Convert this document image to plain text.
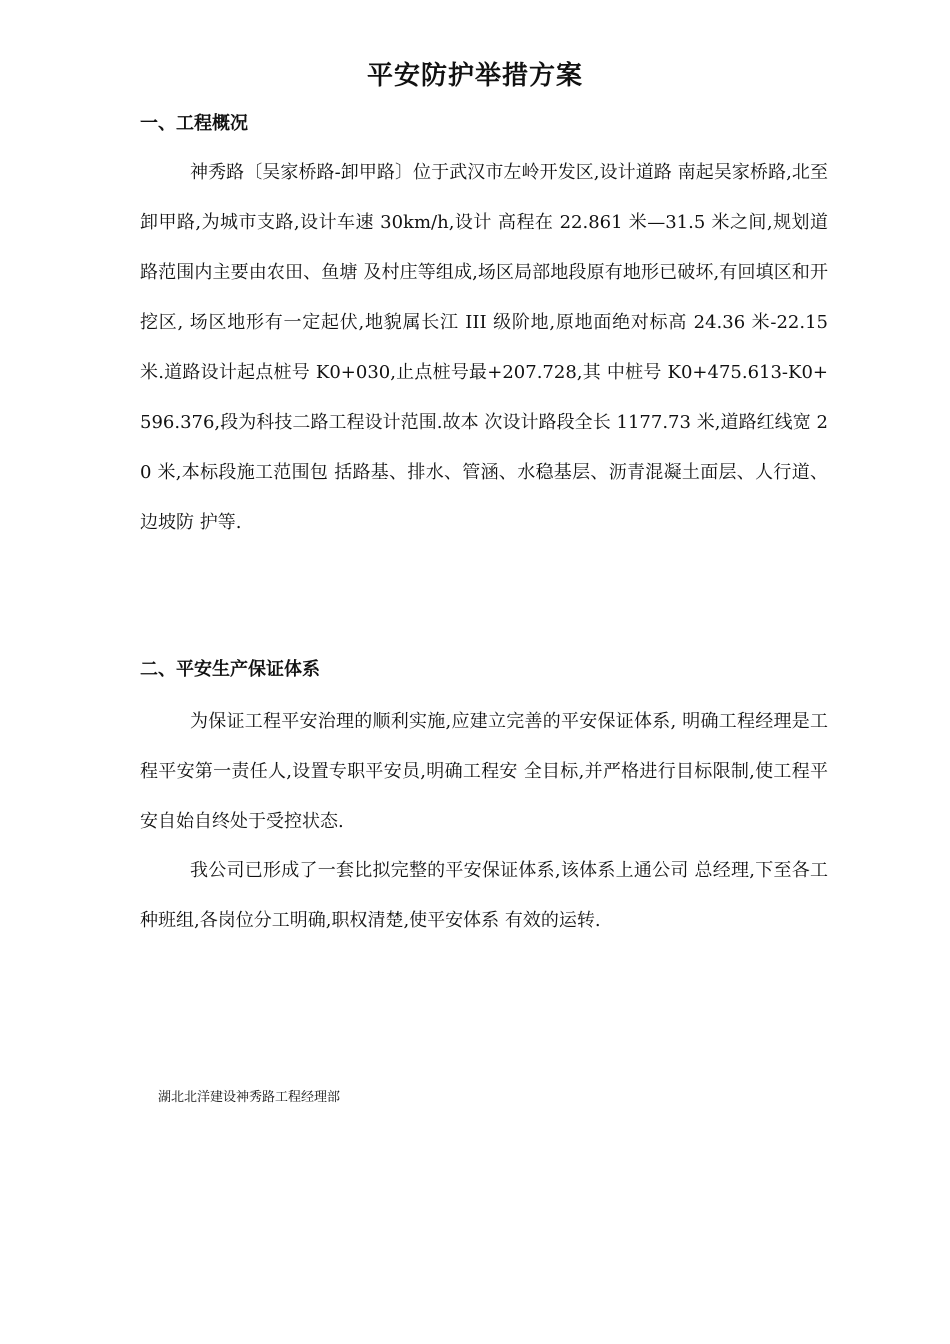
平安防护举措方案
一、工程概况
神秀路〔吴家桥路-卸甲路〕位于武汉市左岭开发区,设计道路 南起吴家桥路,北至卸甲路,为城市支路,设计车速 30km/h,设计 高程在 22.861 米—31.5 米之间,规划道路范围内主要由农田、鱼塘 及村庄等组成,场区局部地段原有地形已破坏,有回填区和开挖区, 场区地形有一定起伏,地貌属长江 III 级阶地,原地面绝对标高 24.36 米-22.15 米.道路设计起点桩号 K0+030,止点桩号最+207.728,其 中桩号 K0+475.613-K0+596.376,段为科技二路工程设计范围.故本 次设计路段全长 1177.73 米,道路红线宽 20 米,本标段施工范围包 括路基、排水、管涵、水稳基层、沥青混凝土面层、人行道、边坡防 护等.
二、平安生产保证体系
为保证工程平安治理的顺利实施,应建立完善的平安保证体系, 明确工程经理是工程平安第一责任人,设置专职平安员,明确工程安 全目标,并严格进行目标限制,使工程平安自始自终处于受控状态.
我公司已形成了一套比拟完整的平安保证体系,该体系上通公司 总经理,下至各工种班组,各岗位分工明确,职权清楚,使平安体系 有效的运转.
湖北北洋建设神秀路工程经理部
